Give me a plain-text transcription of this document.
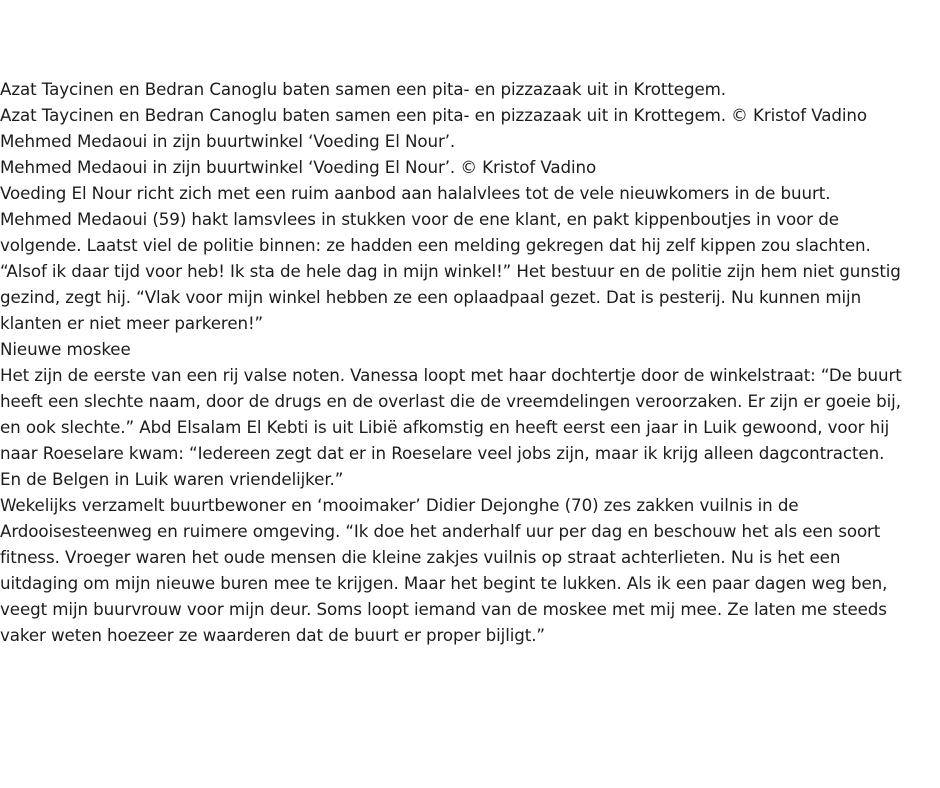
Azat Taycinen en Bedran Canoglu baten samen een pita- en pizzazaak uit in Krottegem.

Azat Taycinen en Bedran Canoglu baten samen een pita- en pizzazaak uit in Krottegem. © Kristof Vadino

Mehmed Medaoui in zijn buurtwinkel ‘Voeding El Nour’.

Mehmed Medaoui in zijn buurtwinkel ‘Voeding El Nour’. © Kristof Vadino

Voeding El Nour richt zich met een ruim aanbod aan halalvlees tot de vele nieuwkomers in de buurt.

Mehmed Medaoui (59) hakt lamsvlees in stukken voor de ene klant, en pakt kippenboutjes in voor de

volgende. Laatst viel de politie binnen: ze hadden een melding gekregen dat hij zelf kippen zou slachten.

“Alsof ik daar tijd voor heb! Ik sta de hele dag in mijn winkel!” Het bestuur en de politie zijn hem niet gunstig

gezind, zegt hij. “Vlak voor mijn winkel hebben ze een oplaadpaal gezet. Dat is pesterij. Nu kunnen mijn

klanten er niet meer parkeren!”

Nieuwe moskee

Het zijn de eerste van een rij valse noten. Vanessa loopt met haar dochtertje door de winkelstraat: “De buurt

heeft een slechte naam, door de drugs en de overlast die de vreemdelingen veroorzaken. Er zijn er goeie bij,

en ook slechte.” Abd Elsalam El Kebti is uit Libië afkomstig en heeft eerst een jaar in Luik gewoond, voor hij

naar Roeselare kwam: “Iedereen zegt dat er in Roeselare veel jobs zijn, maar ik krijg alleen dagcontracten.

En de Belgen in Luik waren vriendelijker.”

Wekelijks verzamelt buurtbewoner en ‘mooimaker’ Didier Dejonghe (70) zes zakken vuilnis in de

Ardooisesteenweg en ruimere omgeving. “Ik doe het anderhalf uur per dag en beschouw het als een soort

fitness. Vroeger waren het oude mensen die kleine zakjes vuilnis op straat achterlieten. Nu is het een

uitdaging om mijn nieuwe buren mee te krijgen. Maar het begint te lukken. Als ik een paar dagen weg ben,

veegt mijn buurvrouw voor mijn deur. Soms loopt iemand van de moskee met mij mee. Ze laten me steeds

vaker weten hoezeer ze waarderen dat de buurt er proper bijligt.”
